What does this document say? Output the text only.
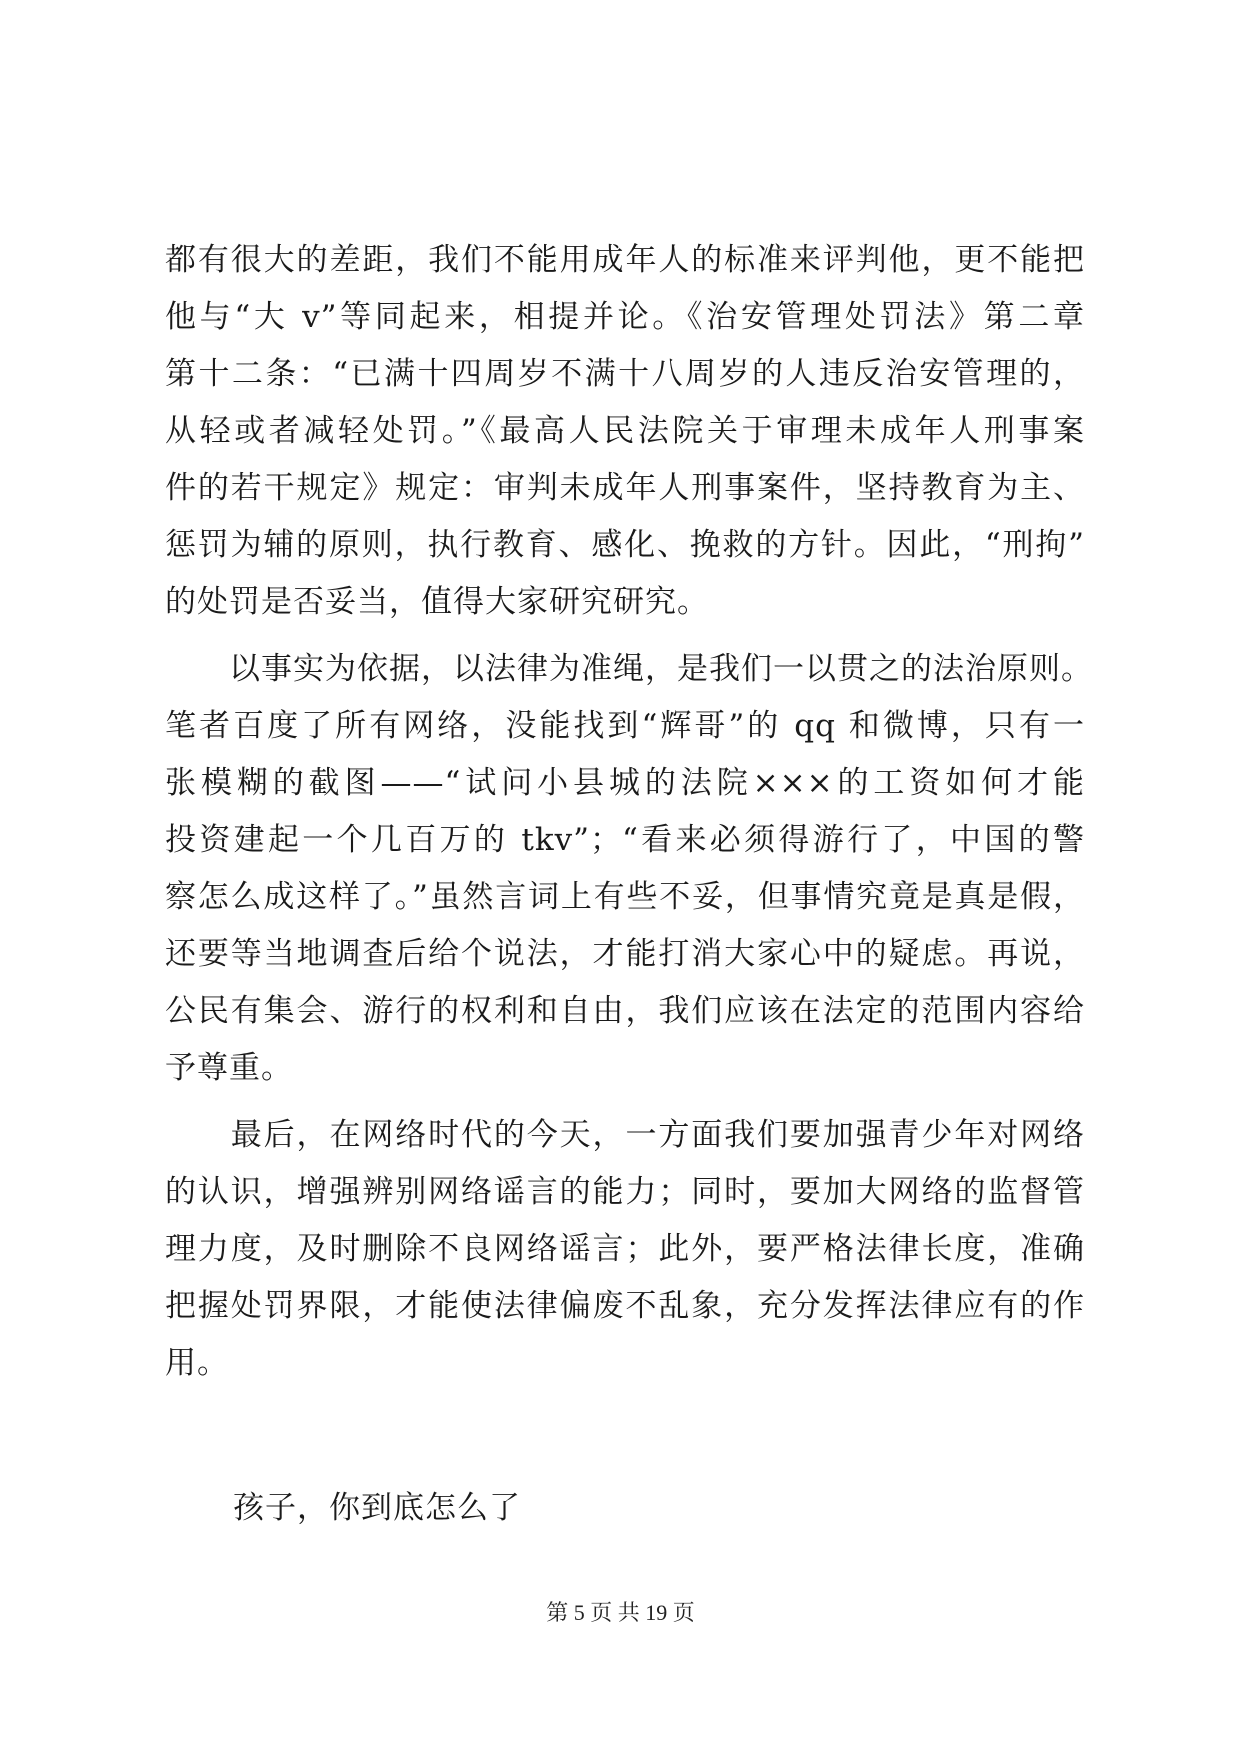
都有很大的差距，我们不能用成年人的标准来评判他，更不能把
他与“大 v”等同起来，相提并论。《治安管理处罚法》第二章
第十二条：“已满十四周岁不满十八周岁的人违反治安管理的，
从轻或者减轻处罚。”《最高人民法院关于审理未成年人刑事案
件的若干规定》规定：审判未成年人刑事案件，坚持教育为主、
惩罚为辅的原则，执行教育、感化、挽救的方针。因此，“刑拘”
的处罚是否妥当，值得大家研究研究。
　　以事实为依据，以法律为准绳，是我们一以贯之的法治原则。
笔者百度了所有网络，没能找到“辉哥”的 qq 和微博，只有一
张模糊的截图——“试问小县城的法院×××的工资如何才能
投资建起一个几百万的 tkv”；“看来必须得游行了，中国的警
察怎么成这样了。”虽然言词上有些不妥，但事情究竟是真是假，
还要等当地调查后给个说法，才能打消大家心中的疑虑。再说，
公民有集会、游行的权利和自由，我们应该在法定的范围内容给
予尊重。
　　最后，在网络时代的今天，一方面我们要加强青少年对网络
的认识，增强辨别网络谣言的能力；同时，要加大网络的监督管
理力度，及时删除不良网络谣言；此外，要严格法律长度，准确
把握处罚界限，才能使法律偏废不乱象，充分发挥法律应有的作
用。
孩子，你到底怎么了
第 5 页 共 19 页
